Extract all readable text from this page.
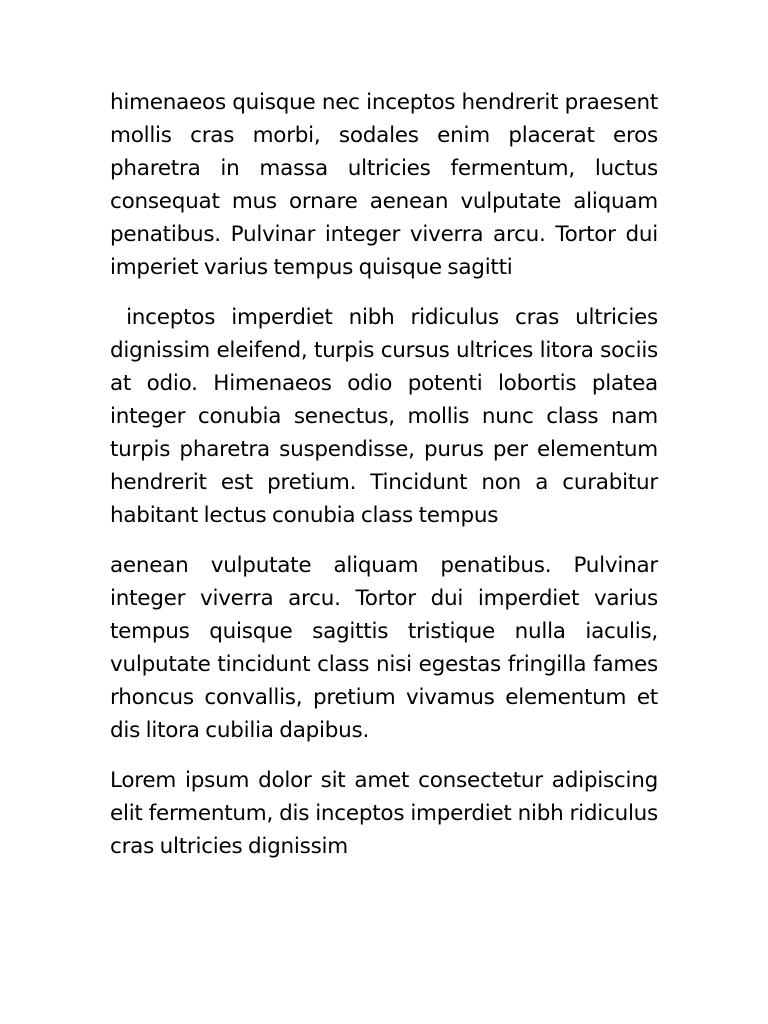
himenaeos quisque nec inceptos hendrerit praesent mollis cras morbi, sodales enim placerat eros pharetra in massa ultricies fermentum, luctus consequat mus ornare aenean vulputate aliquam penatibus. Pulvinar integer viverra arcu. Tortor dui imperiet varius tempus quisque sagitti

inceptos imperdiet nibh ridiculus cras ultricies dignissim eleifend, turpis cursus ultrices litora sociis at odio. Himenaeos odio potenti lobortis platea integer conubia senectus, mollis nunc class nam turpis pharetra suspendisse, purus per elementum hendrerit est pretium. Tincidunt non a curabitur habitant lectus conubia class tempus

aenean vulputate aliquam penatibus. Pulvinar integer viverra arcu. Tortor dui imperdiet varius tempus quisque sagittis tristique nulla iaculis, vulputate tincidunt class nisi egestas fringilla fames rhoncus convallis, pretium vivamus elementum et dis litora cubilia dapibus.

Lorem ipsum dolor sit amet consectetur adipiscing elit fermentum, dis inceptos imperdiet nibh ridiculus cras ultricies dignissim
